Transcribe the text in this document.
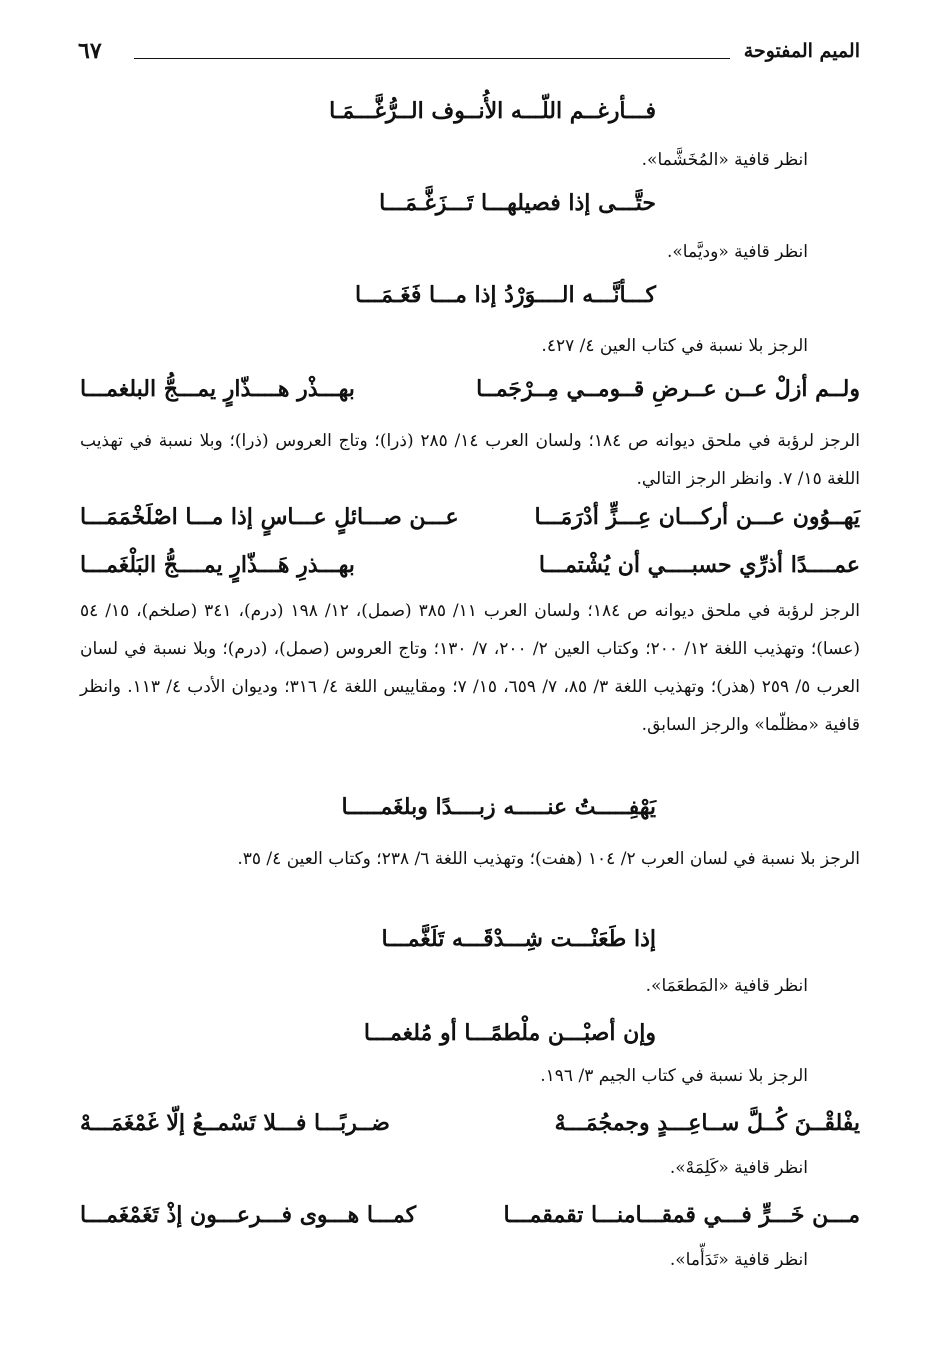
الميم المفتوحة
٦٧
فـــأرغــم اللّـــه الأُنــوف الــرُّغَّـــمَـا
انظر قافية «المُخَشَّما».
حتَّـــى إذا فصيلهـــا تَـــزَغَّـمَـــا
انظر قافية «وديَّما».
كـــأنَّـــه الــــوَرْدُ إذا مـــا فَغَـمَـــا
الرجز بلا نسبة في كتاب العين ٤/ ٤٢٧.
ولــم أزلْ عــن عــرضِ قــومــي مِــرْجَمــا
بهـــذْر هــــذّارٍ يمـــجُّ البلغمـــا
الرجز لرؤبة في ملحق ديوانه ص ١٨٤؛ ولسان العرب ١٤/ ٢٨٥ (ذرا)؛ وتاج العروس (ذرا)؛ وبلا نسبة في تهذيب اللغة ١٥/ ٧. وانظر الرجز التالي.
يَهــوُون عـــن أركـــان عِـــزٍّ أدْرَمَـــا
عـــن صـــائلٍ عـــاسٍ إذا مـــا اصْلَخْمَمَـــا
عمــــدًا أذرِّي حسبــــي أن يُشْتمـــا
بهـــذرِ هَـــذّارٍ يمــــجُّ البَلْغَمـــا
الرجز لرؤبة في ملحق ديوانه ص ١٨٤؛ ولسان العرب ١١/ ٣٨٥ (صمل)، ١٢/ ١٩٨ (درم)، ٣٤١ (صلخم)، ١٥/ ٥٤ (عسا)؛ وتهذيب اللغة ١٢/ ٢٠٠؛ وكتاب العين ٢/ ٢٠٠، ٧/ ١٣٠؛ وتاج العروس (صمل)، (درم)؛ وبلا نسبة في لسان العرب ٥/ ٢٥٩ (هذر)؛ وتهذيب اللغة ٣/ ٨٥، ٧/ ٦٥٩، ١٥/ ٧؛ ومقاييس اللغة ٤/ ٣١٦؛ وديوان الأدب ٤/ ١١٣. وانظر قافية «مظلّما» والرجز السابق.
يَهْفِـــــتُ عنـــــه زبــــدًا وبلغَمـــــا
الرجز بلا نسبة في لسان العرب ٢/ ١٠٤ (هفت)؛ وتهذيب اللغة ٦/ ٢٣٨؛ وكتاب العين ٤/ ٣٥.
إذا طَعَنْـــت شِـــدْقَـــه تَلَغَّمـــا
انظر قافية «المَطعَمَا».
وإن أصبْـــن ملْطمًـــا أو مُلغمـــا
الرجز بلا نسبة في كتاب الجيم ٣/ ١٩٦.
يفْلقْــنَ كُــلَّ ســاعِـــدٍ وجمجُمَـــهْ
ضــربًـــا فـــلا تَسْمــعُ إلّا غَمْغَمَـــهْ
انظر قافية «كَلِمَهْ».
مـــن خَـــرٍّ فـــي قمقـــامنـــا تقمقمـــا
كمـــا هـــوى فـــرعـــون إذْ تَغَمْغَمـــا
انظر قافية «تَدَأّما».
